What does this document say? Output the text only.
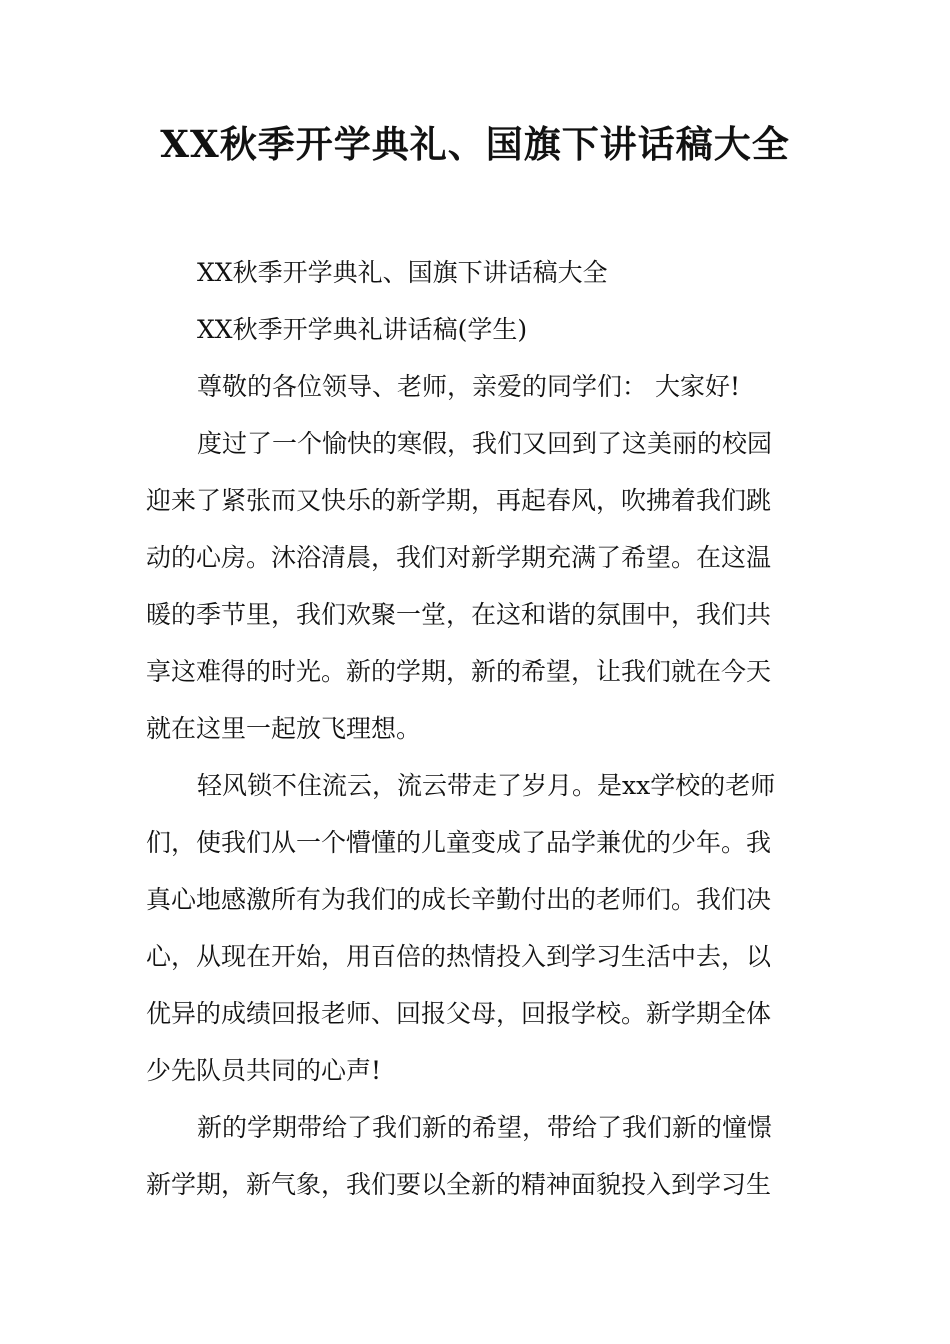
XX秋季开学典礼、国旗下讲话稿大全
XX秋季开学典礼、国旗下讲话稿大全
XX秋季开学典礼讲话稿(学生)
尊敬的各位领导、老师，亲爱的同学们： 大家好!
度过了一个愉快的寒假，我们又回到了这美丽的校园
迎来了紧张而又快乐的新学期，再起春风，吹拂着我们跳
动的心房。沐浴清晨，我们对新学期充满了希望。在这温
暖的季节里，我们欢聚一堂，在这和谐的氛围中，我们共
享这难得的时光。新的学期，新的希望，让我们就在今天
就在这里一起放飞理想。
轻风锁不住流云，流云带走了岁月。是xx学校的老师
们，使我们从一个懵懂的儿童变成了品学兼优的少年。我
真心地感激所有为我们的成长辛勤付出的老师们。我们决
心，从现在开始，用百倍的热情投入到学习生活中去，以
优异的成绩回报老师、回报父母，回报学校。新学期全体
少先队员共同的心声!
新的学期带给了我们新的希望，带给了我们新的憧憬
新学期，新气象，我们要以全新的精神面貌投入到学习生
